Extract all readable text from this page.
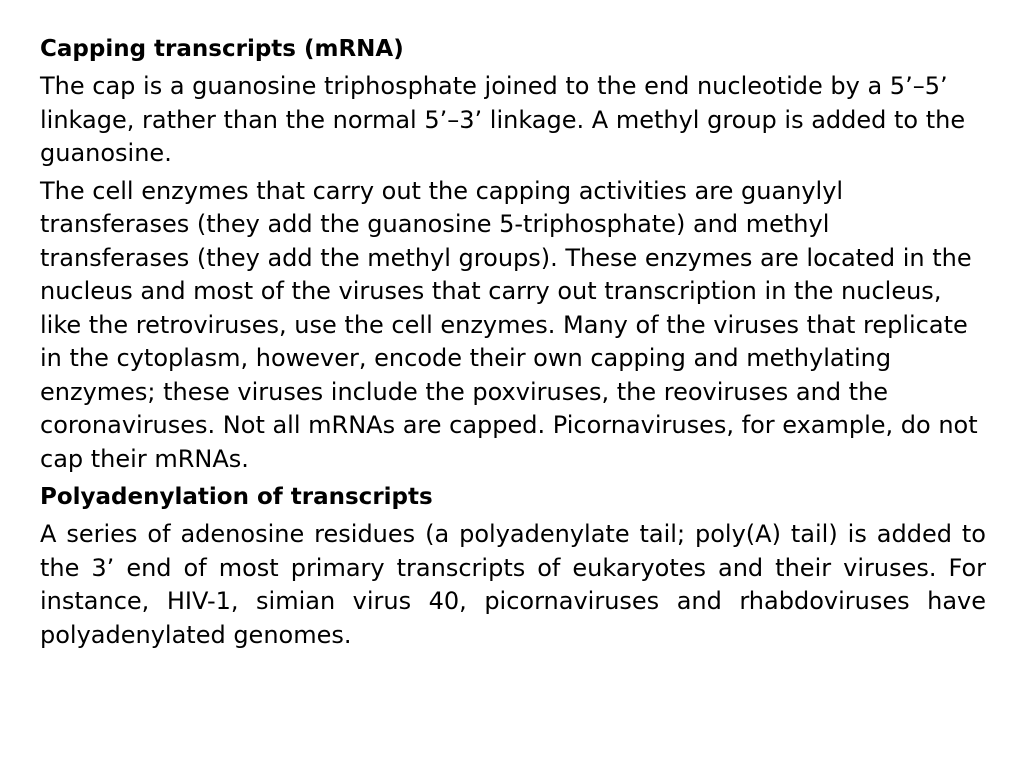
Capping transcripts (mRNA)
The cap is a guanosine triphosphate joined to the end nucleotide by a 5’–5’ linkage, rather than the normal 5’–3’ linkage. A methyl group is added to the guanosine.
The cell enzymes that carry out the capping activities are guanylyl transferases (they add the guanosine 5-triphosphate) and methyl transferases (they add the methyl groups). These enzymes are located in the nucleus and most of the viruses that carry out transcription in the nucleus, like the retroviruses, use the cell enzymes. Many of the viruses that replicate in the cytoplasm, however, encode their own capping and methylating enzymes; these viruses include the poxviruses, the reoviruses and the coronaviruses. Not all mRNAs are capped. Picornaviruses, for example, do not cap their mRNAs.
Polyadenylation of transcripts
A series of adenosine residues (a polyadenylate tail; poly(A) tail) is added to the 3’ end of most primary transcripts of eukaryotes and their viruses. For instance, HIV-1, simian virus 40, picornaviruses and rhabdoviruses have polyadenylated genomes.
